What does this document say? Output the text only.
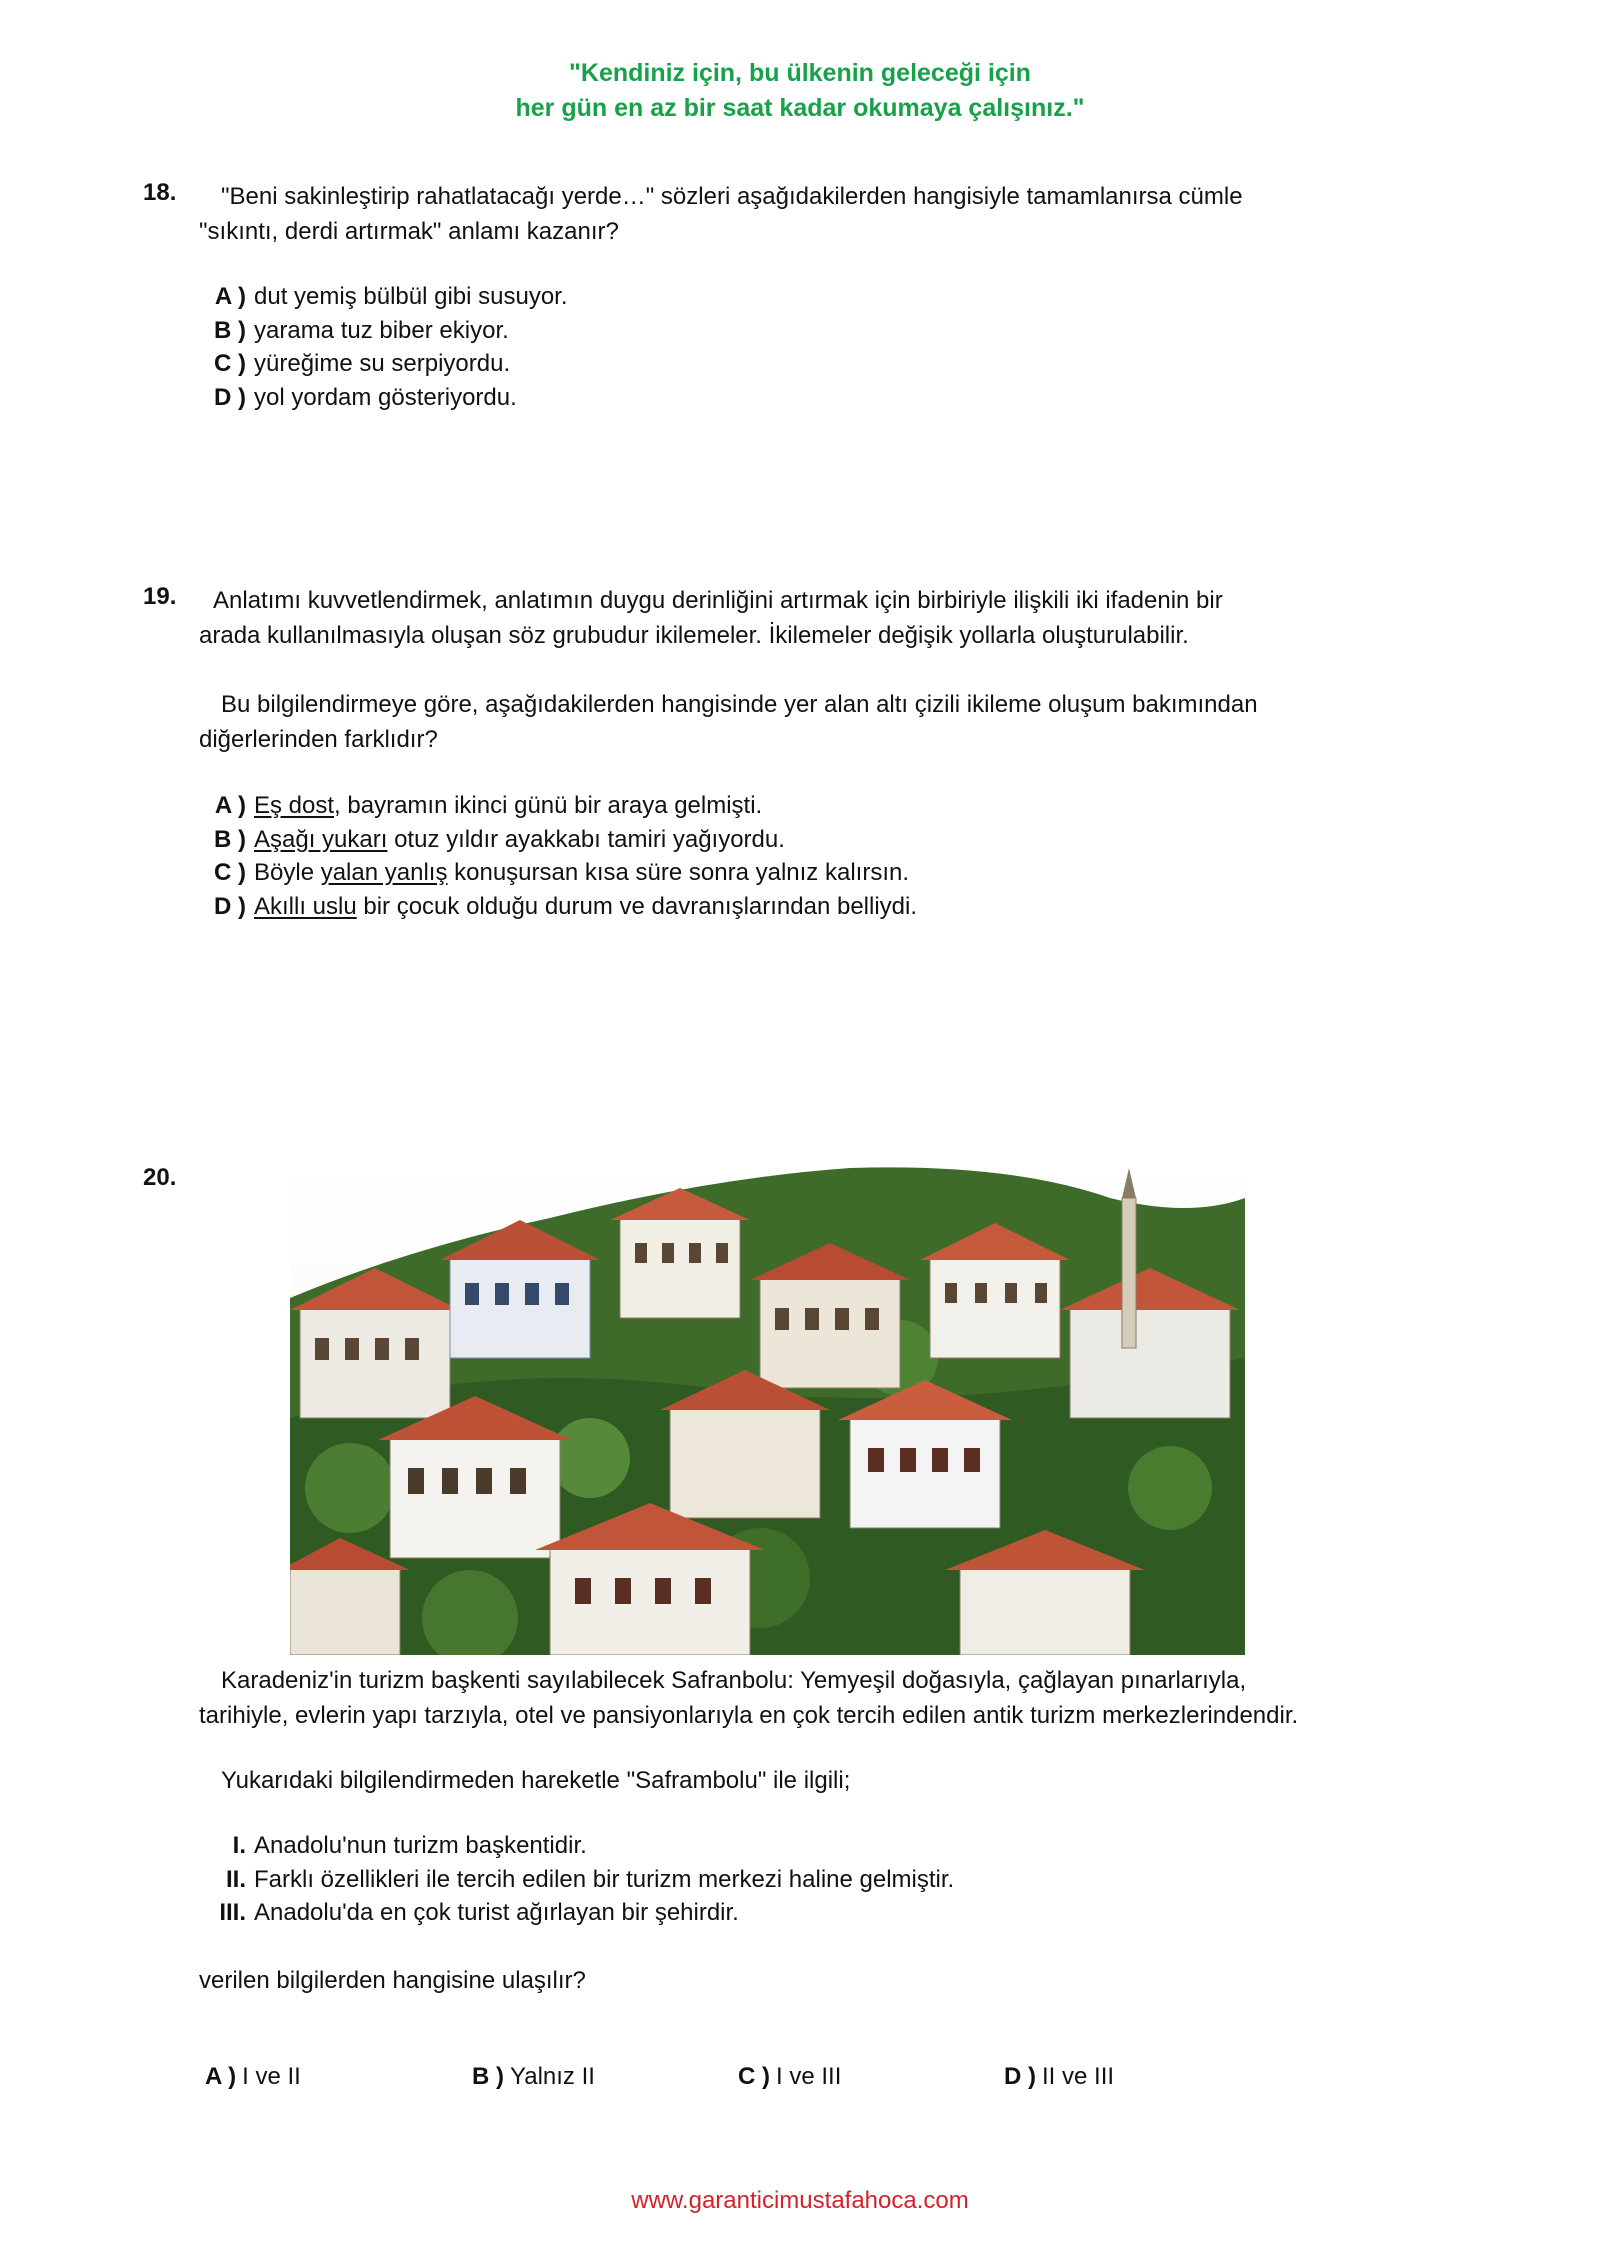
"Kendiniz için, bu ülkenin geleceği için
her gün en az bir saat kadar okumaya çalışınız."
18.	"Beni sakinleştirip rahatlatacağı yerde…" sözleri aşağıdakilerden hangisiyle tamamlanırsa cümle
"sıkıntı, derdi artırmak" anlamı kazanır?
A ) dut yemiş bülbül gibi susuyor.
B ) yarama tuz biber ekiyor.
C ) yüreğime su serpiyordu.
D ) yol yordam gösteriyordu.
19.	Anlatımı kuvvetlendirmek, anlatımın duygu derinliğini artırmak için birbiriyle ilişkili iki ifadenin bir
arada kullanılmasıyla oluşan söz grubudur ikilemeler. İkilemeler değişik yollarla oluşturulabilir.
Bu bilgilendirmeye göre, aşağıdakilerden hangisinde yer alan altı çizili ikileme oluşum bakımından
diğerlerinden farklıdır?
A ) Eş dost , bayramın ikinci günü bir araya gelmişti.
B ) Aşağı yukarı otuz yıldır ayakkabı tamiri yağıyordu.
C ) Böyle yalan yanlış konuşursan kısa süre sonra yalnız kalırsın.
D ) Akıllı uslu bir çocuk olduğu durum ve davranışlarından belliydi.
20.
Karadeniz'in turizm başkenti sayılabilecek Safranbolu: Yemyeşil doğasıyla, çağlayan pınarlarıyla,
tarihiyle, evlerin yapı tarzıyla, otel ve pansiyonlarıyla en çok tercih edilen antik turizm merkezlerindendir.
Yukarıdaki bilgilendirmeden hareketle "Saframbolu" ile ilgili;
I. Anadolu'nun turizm başkentidir.
II. Farklı özellikleri ile tercih edilen bir turizm merkezi haline gelmiştir.
III. Anadolu'da en çok turist ağırlayan bir şehirdir.
verilen bilgilerden hangisine ulaşılır?
A ) I ve II	B ) Yalnız II	C ) I ve III	D ) II ve III
www.garanticimustafahoca.com
